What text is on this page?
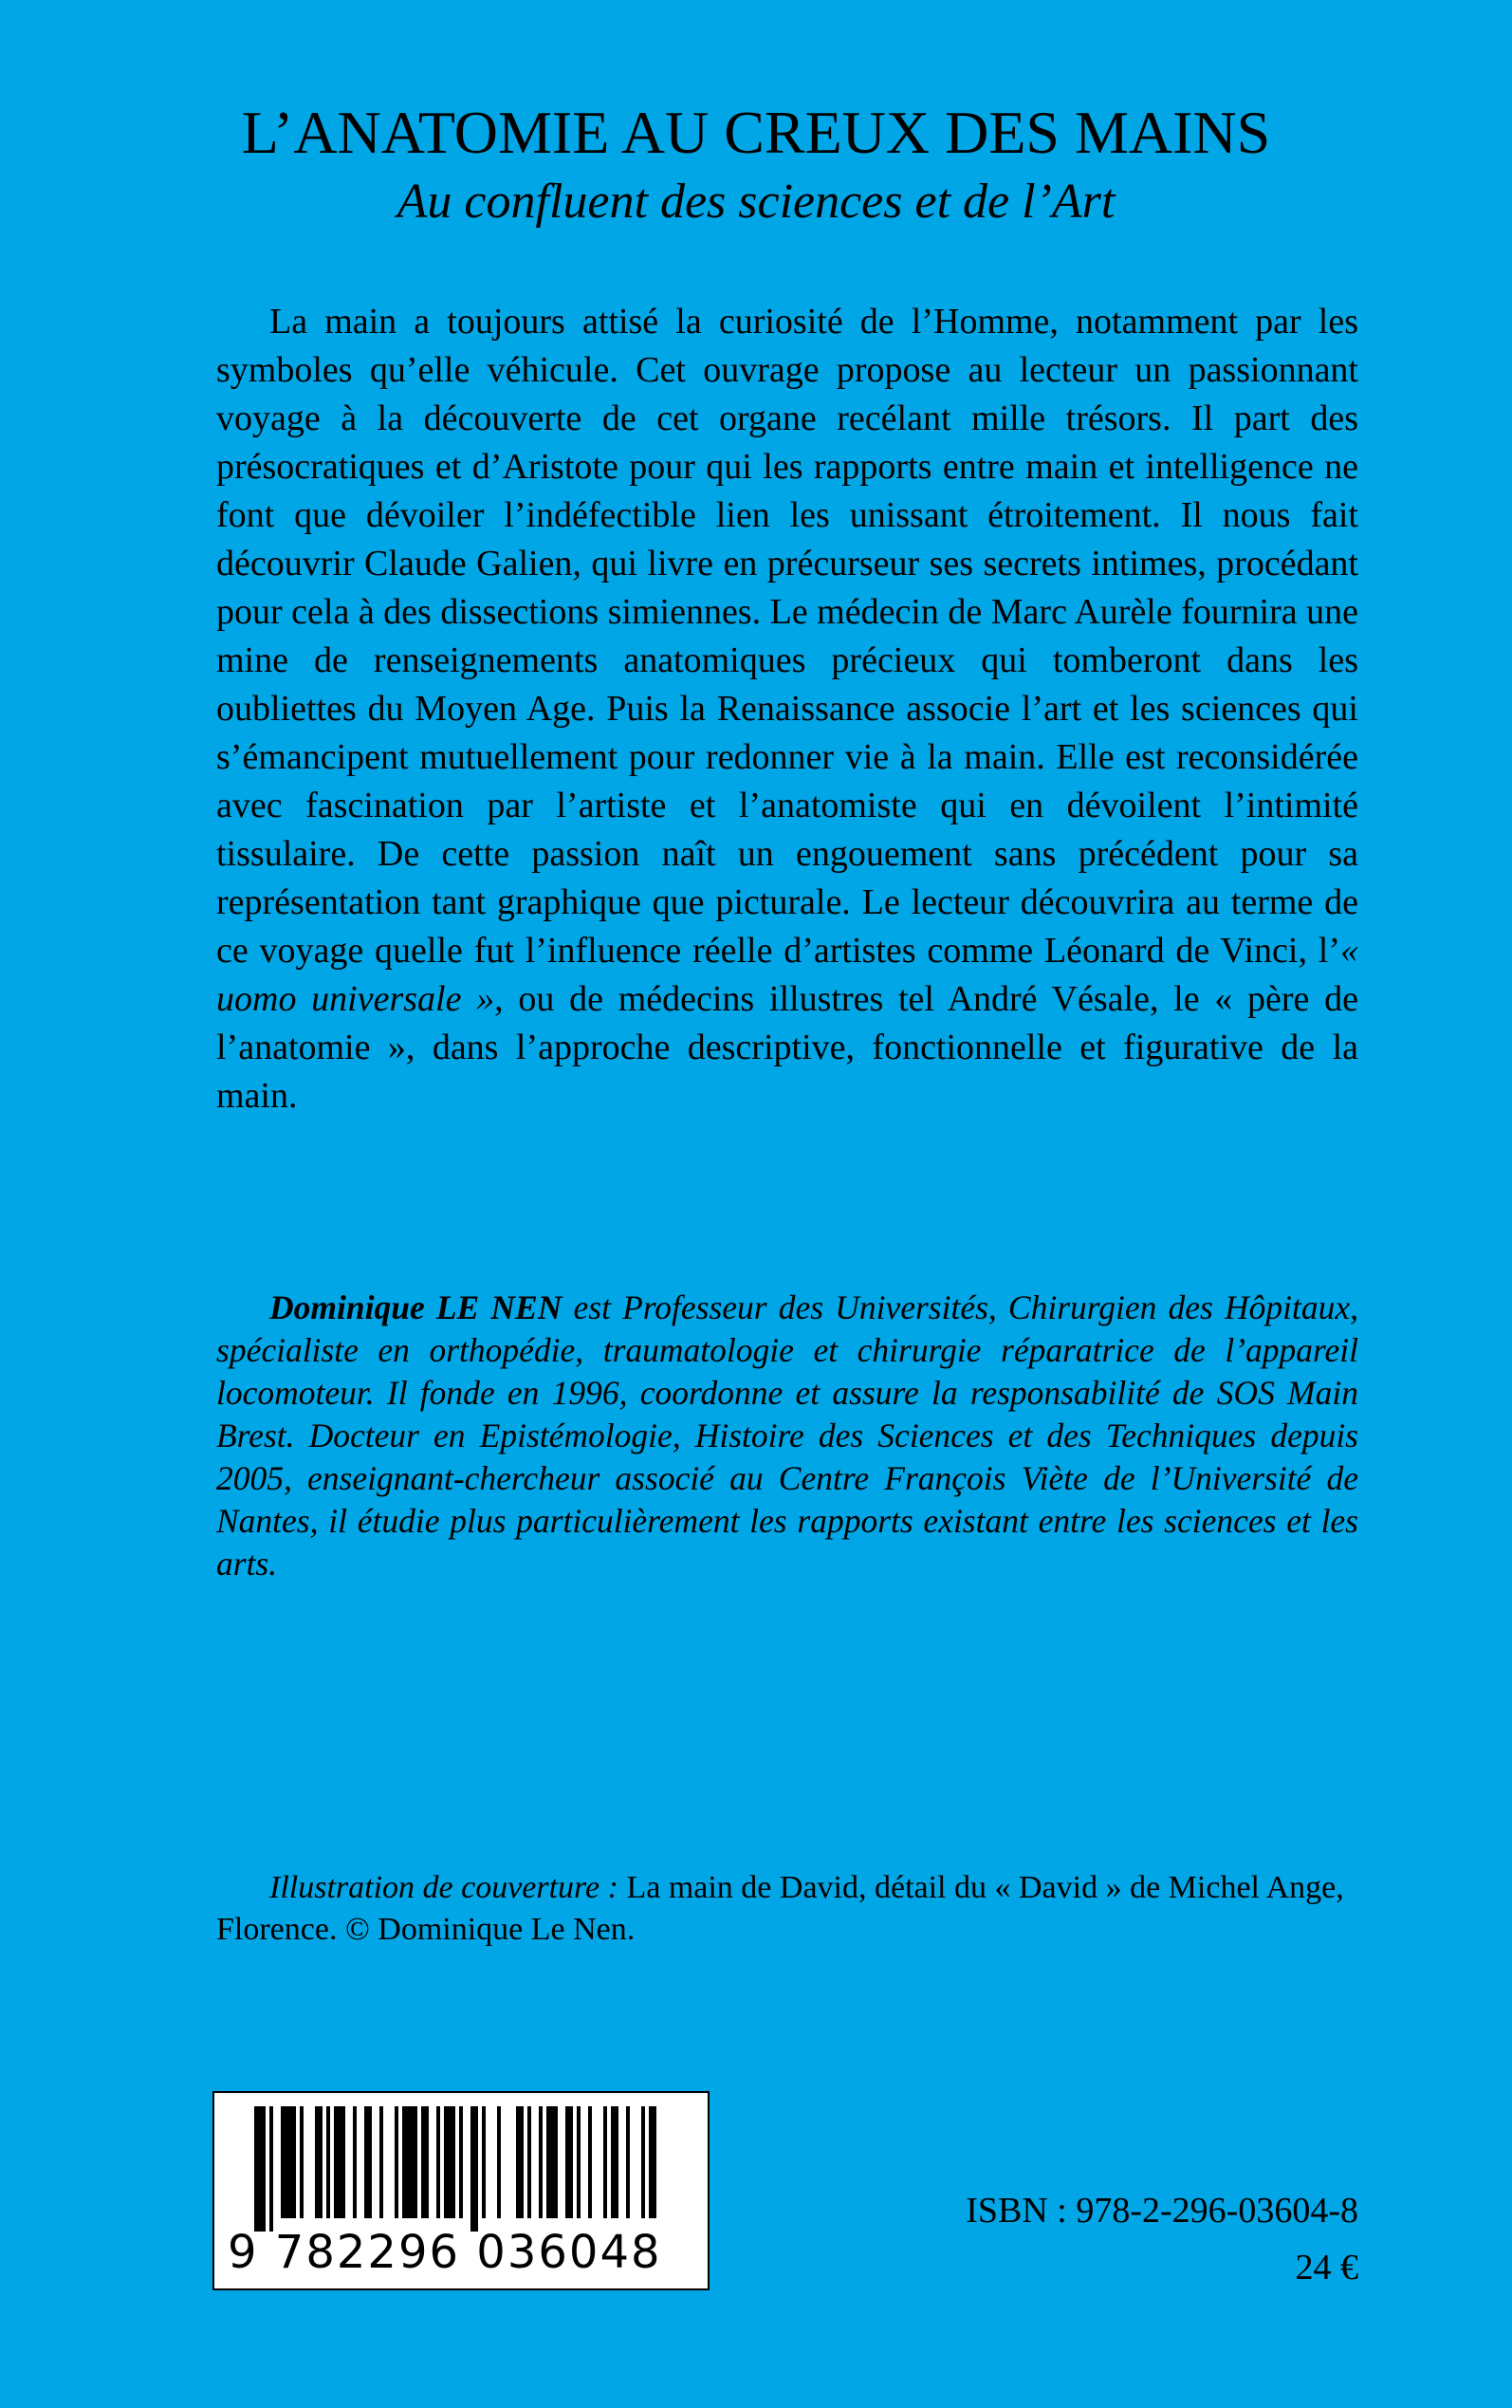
L’ANATOMIE AU CREUX DES MAINS
Au confluent des sciences et de l’Art

La main a toujours attisé la curiosité de l’Homme, notamment par les symboles qu’elle véhicule. Cet ouvrage propose au lecteur un passionnant voyage à la découverte de cet organe recélant mille trésors. Il part des présocratiques et d’Aristote pour qui les rapports entre main et intelligence ne font que dévoiler l’indéfectible lien les unissant étroitement. Il nous fait découvrir Claude Galien, qui livre en précurseur ses secrets intimes, procédant pour cela à des dissections simiennes. Le médecin de Marc Aurèle fournira une mine de renseignements anatomiques précieux qui tomberont dans les oubliettes du Moyen Age. Puis la Renaissance associe l’art et les sciences qui s’émancipent mutuellement pour redonner vie à la main. Elle est reconsidérée avec fascination par l’artiste et l’anatomiste qui en dévoilent l’intimité tissulaire. De cette passion naît un engouement sans précédent pour sa représentation tant graphique que picturale. Le lecteur découvrira au terme de ce voyage quelle fut l’influence réelle d’artistes comme Léonard de Vinci, l’« uomo universale », ou de médecins illustres tel André Vésale, le « père de l’anatomie », dans l’approche descriptive, fonctionnelle et figurative de la main.

Dominique LE NEN est Professeur des Universités, Chirurgien des Hôpitaux, spécialiste en orthopédie, traumatologie et chirurgie réparatrice de l’appareil locomoteur. Il fonde en 1996, coordonne et assure la responsabilité de SOS Main Brest. Docteur en Epistémologie, Histoire des Sciences et des Techniques depuis 2005, enseignant-chercheur associé au Centre François Viète de l’Université de Nantes, il étudie plus particulièrement les rapports existant entre les sciences et les arts.

Illustration de couverture : La main de David, détail du « David » de Michel Ange, Florence. © Dominique Le Nen.

9 782296 036048

ISBN : 978-2-296-03604-8

24 €
